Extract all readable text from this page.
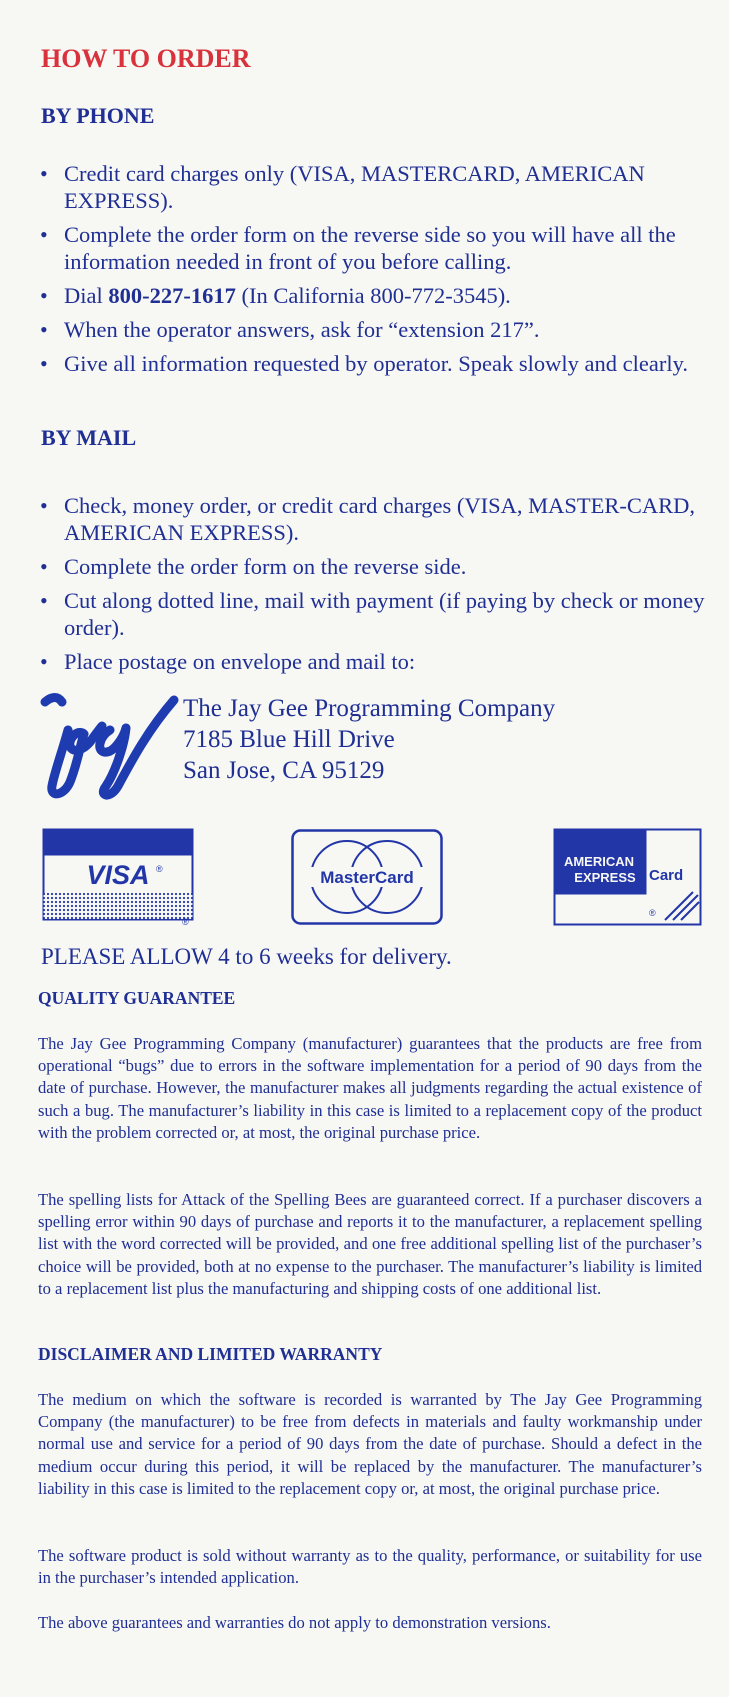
HOW TO ORDER
BY PHONE
• Credit card charges only (VISA, MASTERCARD, AMERICAN EXPRESS).
• Complete the order form on the reverse side so you will have all the information needed in front of you before calling.
• Dial 800-227-1617 (In California 800-772-3545).
• When the operator answers, ask for “extension 217”.
• Give all information requested by operator. Speak slowly and clearly.
BY MAIL
• Check, money order, or credit card charges (VISA, MASTER-CARD, AMERICAN EXPRESS).
• Complete the order form on the reverse side.
• Cut along dotted line, mail with payment (if paying by check or money order).
• Place postage on envelope and mail to:
The Jay Gee Programming Company
7185 Blue Hill Drive
San Jose, CA 95129
VISA ®
®
MasterCard
AMERICAN
EXPRESS Card
®
PLEASE ALLOW 4 to 6 weeks for delivery.
QUALITY GUARANTEE

The Jay Gee Programming Company (manufacturer) guarantees that the products are free from operational “bugs” due to errors in the software implementation for a period of 90 days from the date of purchase. However, the manufacturer makes all judgments regarding the actual existence of such a bug. The manufacturer’s liability in this case is limited to a replacement copy of the product with the problem corrected or, at most, the original purchase price.

The spelling lists for Attack of the Spelling Bees are guaranteed correct. If a purchaser discovers a spelling error within 90 days of purchase and reports it to the manufacturer, a replacement spelling list with the word corrected will be provided, and one free additional spelling list of the purchaser’s choice will be provided, both at no expense to the purchaser. The manufacturer’s liability is limited to a replacement list plus the manufacturing and shipping costs of one additional list.

DISCLAIMER AND LIMITED WARRANTY

The medium on which the software is recorded is warranted by The Jay Gee Programming Company (the manufacturer) to be free from defects in materials and faulty workmanship under normal use and service for a period of 90 days from the date of purchase. Should a defect in the medium occur during this period, it will be replaced by the manufacturer. The manufacturer’s liability in this case is limited to the replacement copy or, at most, the original purchase price.

The software product is sold without warranty as to the quality, performance, or suitability for use in the purchaser’s intended application.

The above guarantees and warranties do not apply to demonstration versions.
